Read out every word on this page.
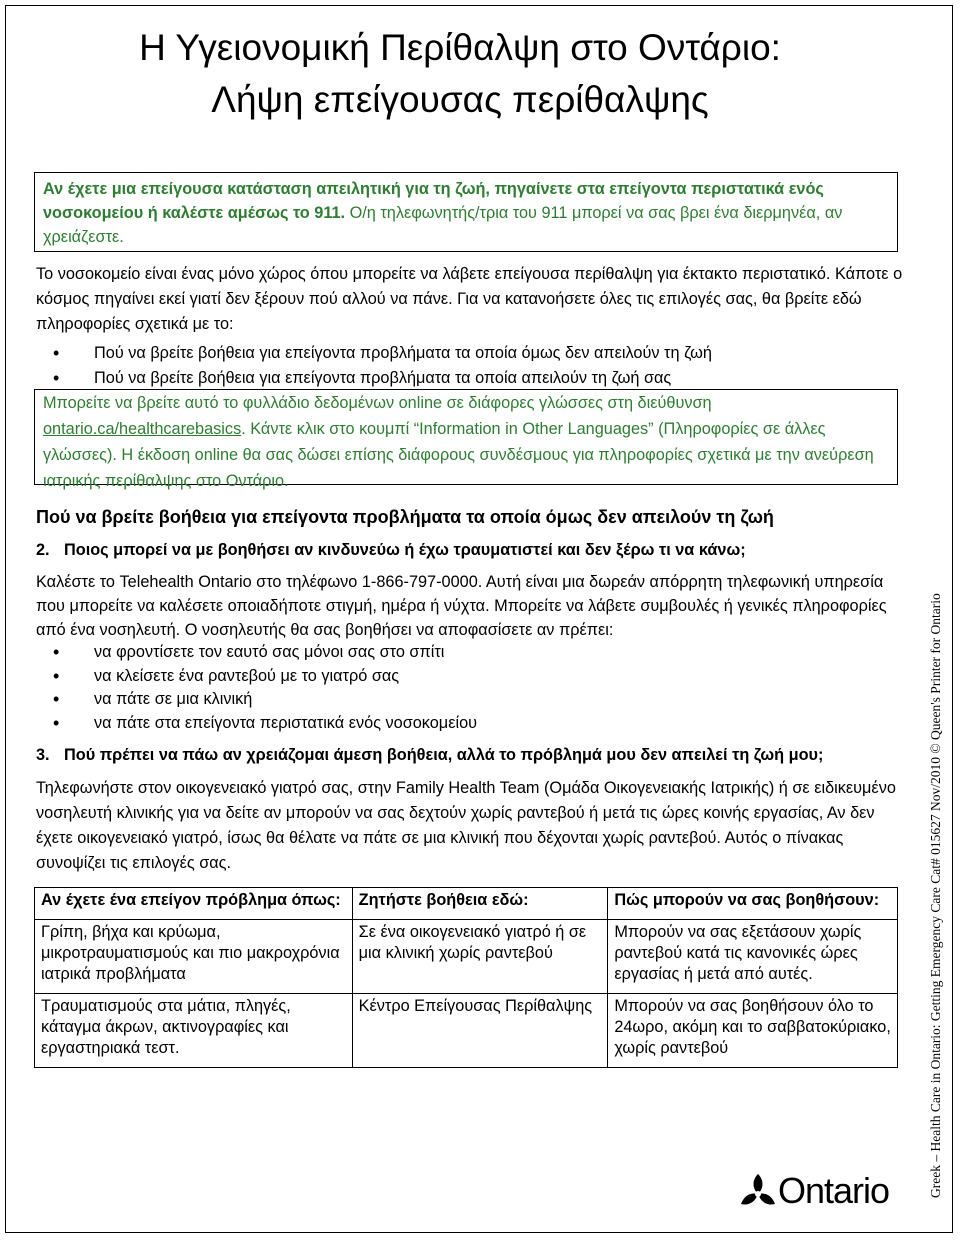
Η Υγειονομική Περίθαλψη στο Οντάριο:
Λήψη επείγουσας περίθαλψης
Αν έχετε μια επείγουσα κατάσταση απειλητική για τη ζωή, πηγαίνετε στα επείγοντα περιστατικά ενός νοσοκομείου ή καλέστε αμέσως το 911. Ο/η τηλεφωνητής/τρια του 911 μπορεί να σας βρει ένα διερμηνέα, αν χρειάζεστε.
Το νοσοκομείο είναι ένας μόνο χώρος όπου μπορείτε να λάβετε επείγουσα περίθαλψη για έκτακτο περιστατικό. Κάποτε ο κόσμος πηγαίνει εκεί γιατί δεν ξέρουν πού αλλού να πάνε. Για να κατανοήσετε όλες τις επιλογές σας, θα βρείτε εδώ πληροφορίες σχετικά με το:
• Πού να βρείτε βοήθεια για επείγοντα προβλήματα τα οποία όμως δεν απειλούν τη ζωή
• Πού να βρείτε βοήθεια για επείγοντα προβλήματα τα οποία απειλούν τη ζωή σας
Μπορείτε να βρείτε αυτό το φυλλάδιο δεδομένων online σε διάφορες γλώσσες στη διεύθυνση ontario.ca/healthcarebasics. Κάντε κλικ στο κουμπί “Information in Other Languages” (Πληροφορίες σε άλλες γλώσσες). Η έκδοση online θα σας δώσει επίσης διάφορους συνδέσμους για πληροφορίες σχετικά με την ανεύρεση ιατρικής περίθαλψης στο Οντάριο.
Πού να βρείτε βοήθεια για επείγοντα προβλήματα τα οποία όμως δεν απειλούν τη ζωή
2. Ποιος μπορεί να με βοηθήσει αν κινδυνεύω ή έχω τραυματιστεί και δεν ξέρω τι να κάνω;
Καλέστε το Telehealth Ontario στο τηλέφωνο 1-866-797-0000. Αυτή είναι μια δωρεάν απόρρητη τηλεφωνική υπηρεσία που μπορείτε να καλέσετε οποιαδήποτε στιγμή, ημέρα ή νύχτα. Μπορείτε να λάβετε συμβουλές ή γενικές πληροφορίες από ένα νοσηλευτή. Ο νοσηλευτής θα σας βοηθήσει να αποφασίσετε αν πρέπει:
• να φροντίσετε τον εαυτό σας μόνοι σας στο σπίτι
• να κλείσετε ένα ραντεβού με το γιατρό σας
• να πάτε σε μια κλινική
• να πάτε στα επείγοντα περιστατικά ενός νοσοκομείου
3. Πού πρέπει να πάω αν χρειάζομαι άμεση βοήθεια, αλλά το πρόβλημά μου δεν απειλεί τη ζωή μου;
Τηλεφωνήστε στον οικογενειακό γιατρό σας, στην Family Health Team (Ομάδα Οικογενειακής Ιατρικής) ή σε ειδικευμένο νοσηλευτή κλινικής για να δείτε αν μπορούν να σας δεχτούν χωρίς ραντεβού ή μετά τις ώρες κοινής εργασίας, Αν δεν έχετε οικογενειακό γιατρό, ίσως θα θέλατε να πάτε σε μια κλινική που δέχονται χωρίς ραντεβού. Αυτός ο πίνακας συνοψίζει τις επιλογές σας.
Αν έχετε ένα επείγον πρόβλημα όπως:	Ζητήστε βοήθεια εδώ:	Πώς μπορούν να σας βοηθήσουν:
Γρίπη, βήχα και κρύωμα, μικροτραυματισμούς και πιο μακροχρόνια ιατρικά προβλήματα	Σε ένα οικογενειακό γιατρό ή σε μια κλινική χωρίς ραντεβού	Μπορούν να σας εξετάσουν χωρίς ραντεβού κατά τις κανονικές ώρες εργασίας ή μετά από αυτές.
Τραυματισμούς στα μάτια, πληγές, κάταγμα άκρων, ακτινογραφίες και εργαστηριακά τεστ.	Κέντρο Επείγουσας Περίθαλψης	Μπορούν να σας βοηθήσουν όλο το 24ωρο, ακόμη και το σαββατοκύριακο, χωρίς ραντεβού	Greek – Health Care in Ontario: Getting Emergency Care Cat# 015627 Nov/2010 © Queen's Printer for Ontario
Ontario
